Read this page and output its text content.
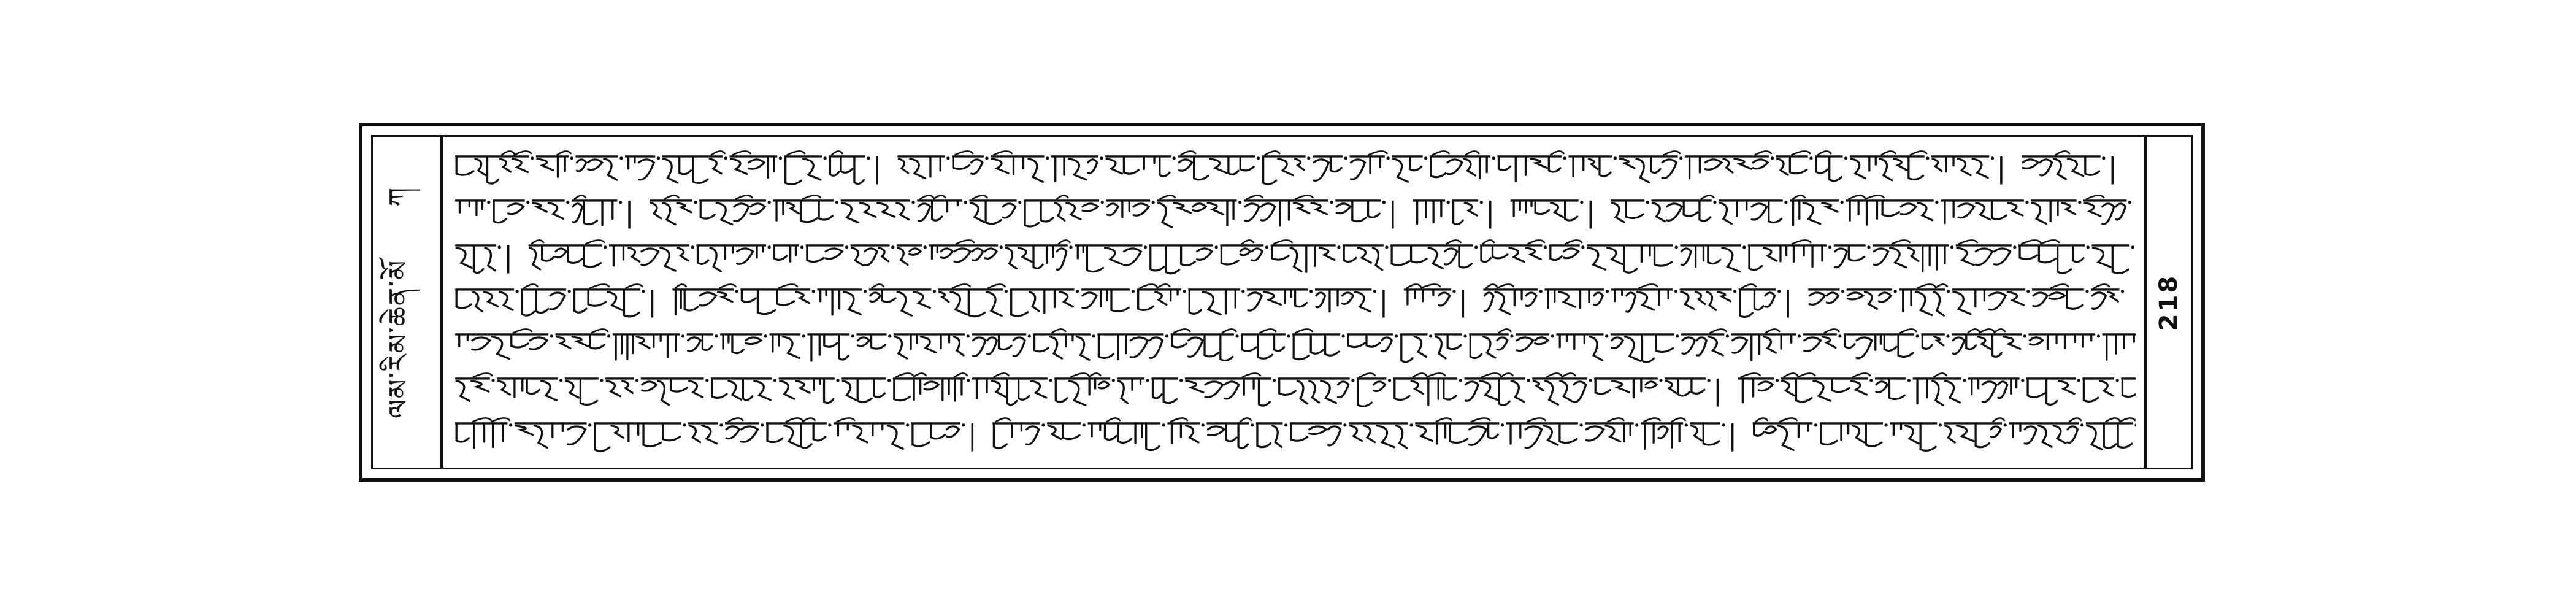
ལམ་རིམ་ཆེན་མོ ཀ
218
